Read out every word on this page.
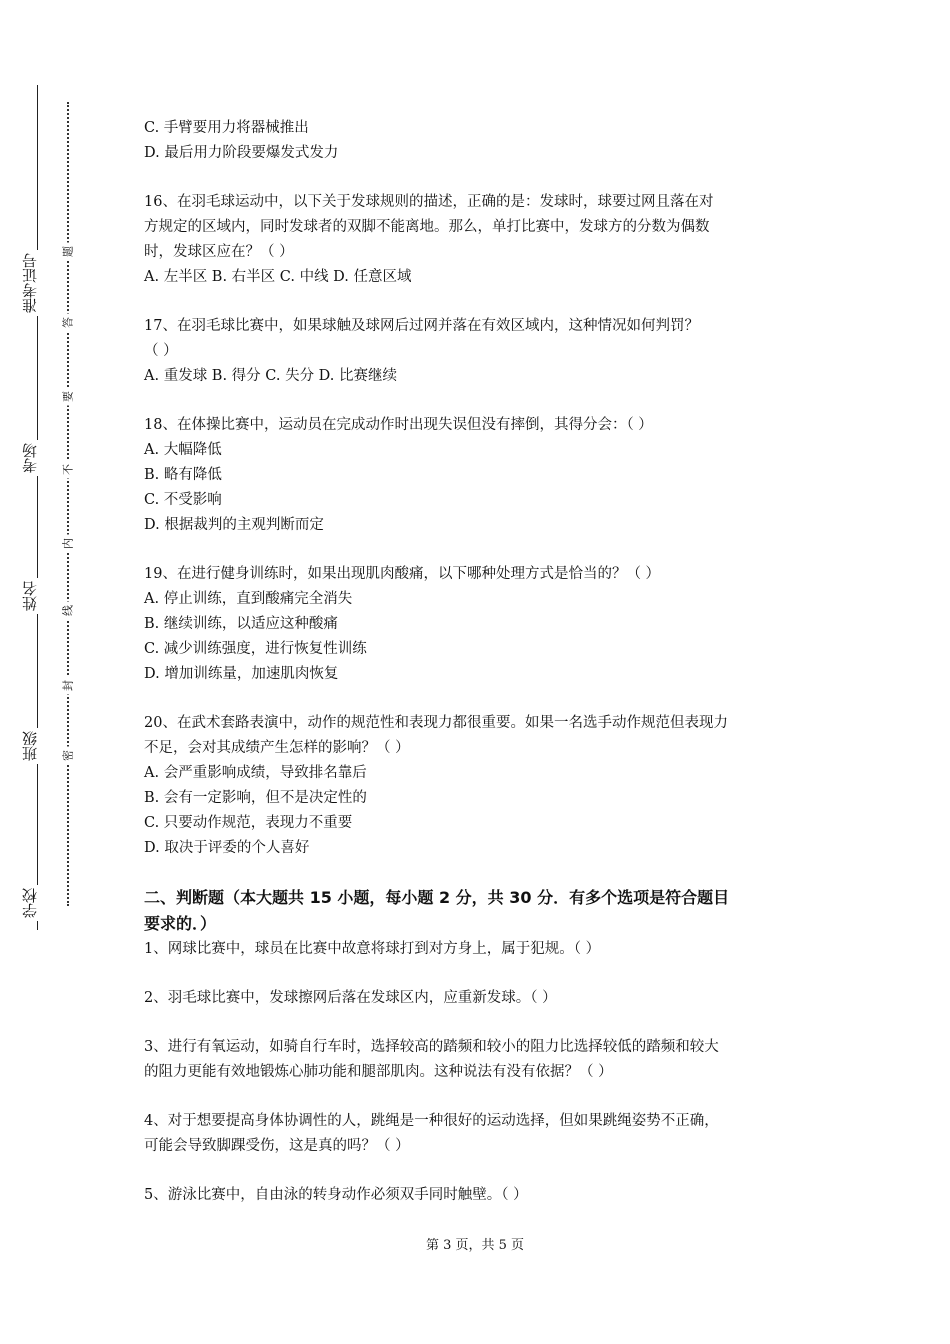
准考证号
考场
姓名
班级
学校
题
答
要
不
内
线
封
密
C. 手臂要用力将器械推出
D. 最后用力阶段要爆发式发力
16、在羽毛球运动中，以下关于发球规则的描述，正确的是：发球时，球要过网且落在对
方规定的区域内，同时发球者的双脚不能离地。那么，单打比赛中，发球方的分数为偶数
时，发球区应在？（ ）
A. 左半区 B. 右半区 C. 中线 D. 任意区域
17、在羽毛球比赛中，如果球触及球网后过网并落在有效区域内，这种情况如何判罚？
（ ）
A. 重发球 B. 得分 C. 失分 D. 比赛继续
18、在体操比赛中，运动员在完成动作时出现失误但没有摔倒，其得分会：（ ）
A. 大幅降低
B. 略有降低
C. 不受影响
D. 根据裁判的主观判断而定
19、在进行健身训练时，如果出现肌肉酸痛，以下哪种处理方式是恰当的？（ ）
A. 停止训练，直到酸痛完全消失
B. 继续训练，以适应这种酸痛
C. 减少训练强度，进行恢复性训练
D. 增加训练量，加速肌肉恢复
20、在武术套路表演中，动作的规范性和表现力都很重要。如果一名选手动作规范但表现力
不足，会对其成绩产生怎样的影响？（ ）
A. 会严重影响成绩，导致排名靠后
B. 会有一定影响，但不是决定性的
C. 只要动作规范，表现力不重要
D. 取决于评委的个人喜好
二、判断题（本大题共 15 小题，每小题 2 分，共 30 分．有多个选项是符合题目
要求的．）
1、网球比赛中，球员在比赛中故意将球打到对方身上，属于犯规。（ ）
2、羽毛球比赛中，发球擦网后落在发球区内，应重新发球。（ ）
3、进行有氧运动，如骑自行车时，选择较高的踏频和较小的阻力比选择较低的踏频和较大
的阻力更能有效地锻炼心肺功能和腿部肌肉。这种说法有没有依据？（ ）
4、对于想要提高身体协调性的人，跳绳是一种很好的运动选择，但如果跳绳姿势不正确，
可能会导致脚踝受伤，这是真的吗？（ ）
5、游泳比赛中，自由泳的转身动作必须双手同时触壁。（ ）
第 3 页，共 5 页
